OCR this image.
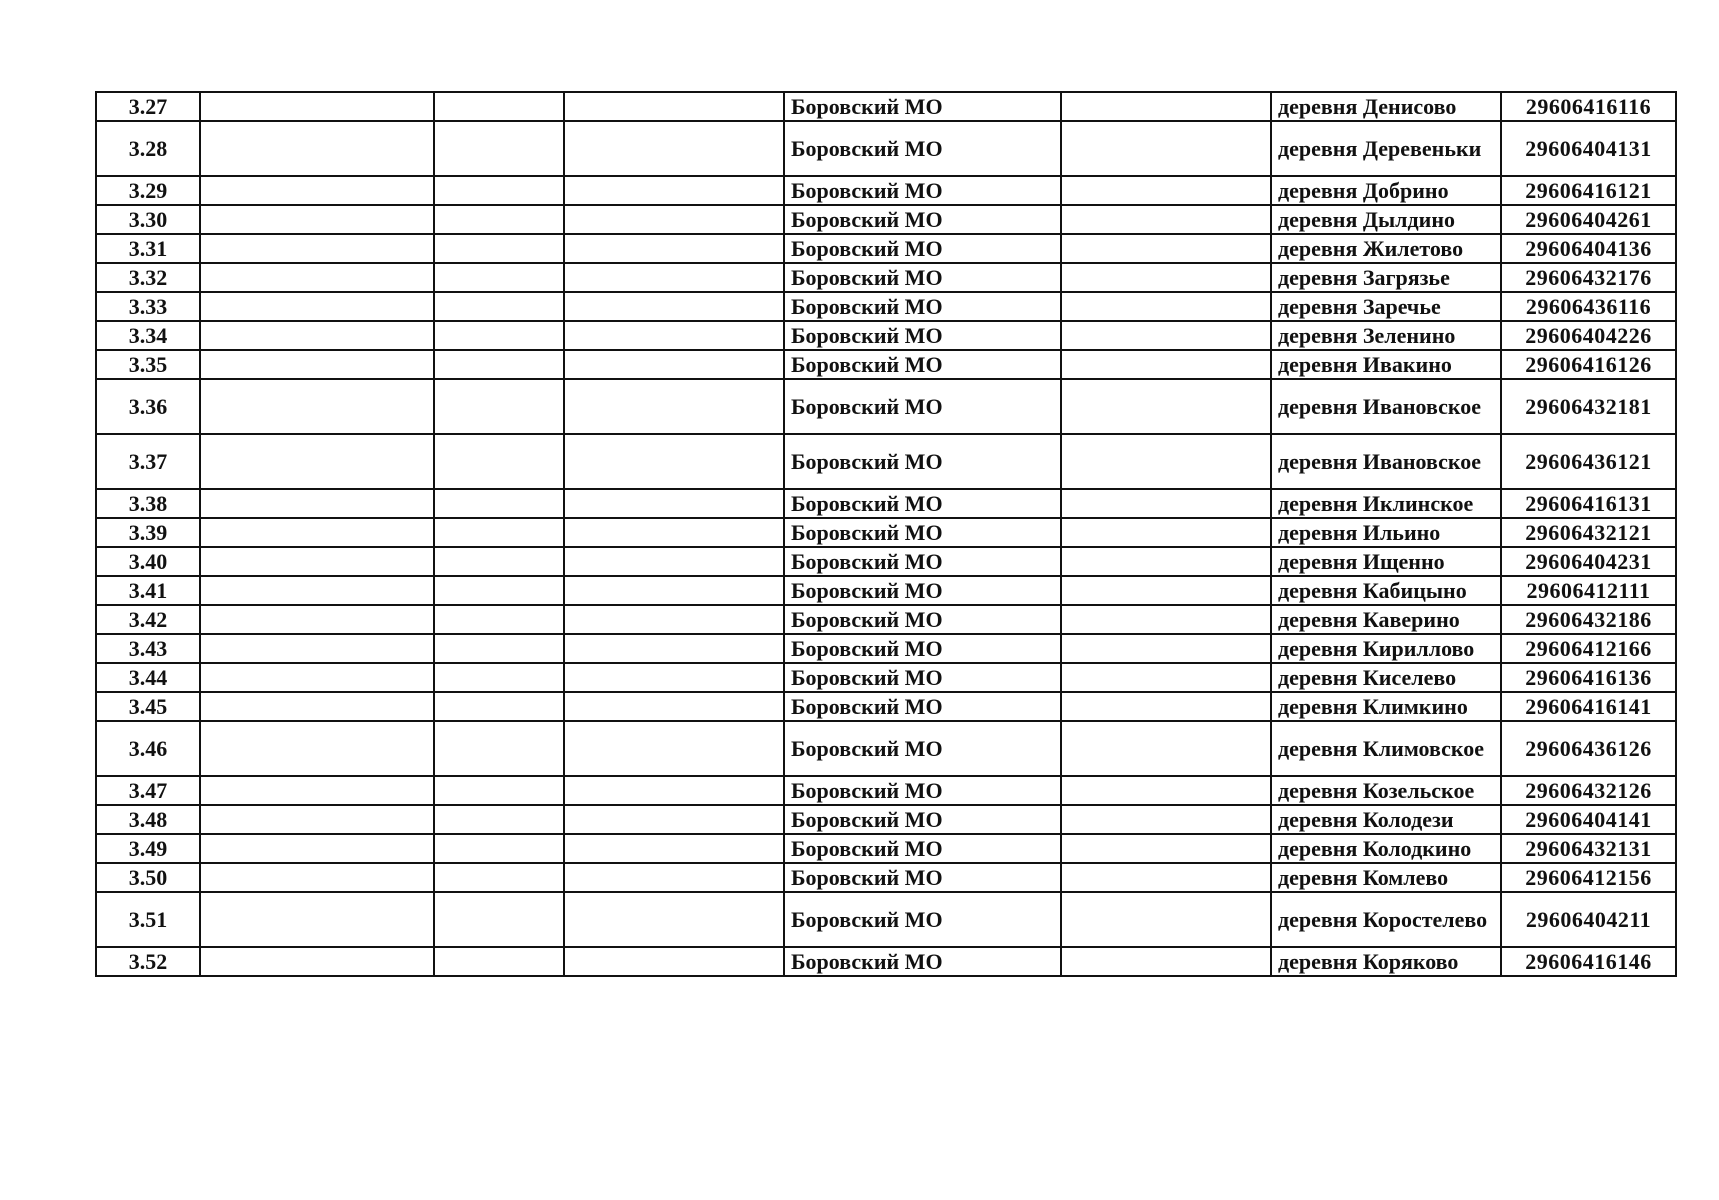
3.27				Боровский МО		деревня Денисово	29606416116
3.28				Боровский МО		деревня Деревеньки	29606404131
3.29				Боровский МО		деревня Добрино	29606416121
3.30				Боровский МО		деревня Дылдино	29606404261
3.31				Боровский МО		деревня Жилетово	29606404136
3.32				Боровский МО		деревня Загрязье	29606432176
3.33				Боровский МО		деревня Заречье	29606436116
3.34				Боровский МО		деревня Зеленино	29606404226
3.35				Боровский МО		деревня Ивакино	29606416126
3.36				Боровский МО		деревня Ивановское	29606432181
3.37				Боровский МО		деревня Ивановское	29606436121
3.38				Боровский МО		деревня Иклинское	29606416131
3.39				Боровский МО		деревня Ильино	29606432121
3.40				Боровский МО		деревня Ищенно	29606404231
3.41				Боровский МО		деревня Кабицыно	29606412111
3.42				Боровский МО		деревня Каверино	29606432186
3.43				Боровский МО		деревня Кириллово	29606412166
3.44				Боровский МО		деревня Киселево	29606416136
3.45				Боровский МО		деревня Климкино	29606416141
3.46				Боровский МО		деревня Климовское	29606436126
3.47				Боровский МО		деревня Козельское	29606432126
3.48				Боровский МО		деревня Колодези	29606404141
3.49				Боровский МО		деревня Колодкино	29606432131
3.50				Боровский МО		деревня Комлево	29606412156
3.51				Боровский МО		деревня Коростелево	29606404211
3.52				Боровский МО		деревня Коряково	29606416146
